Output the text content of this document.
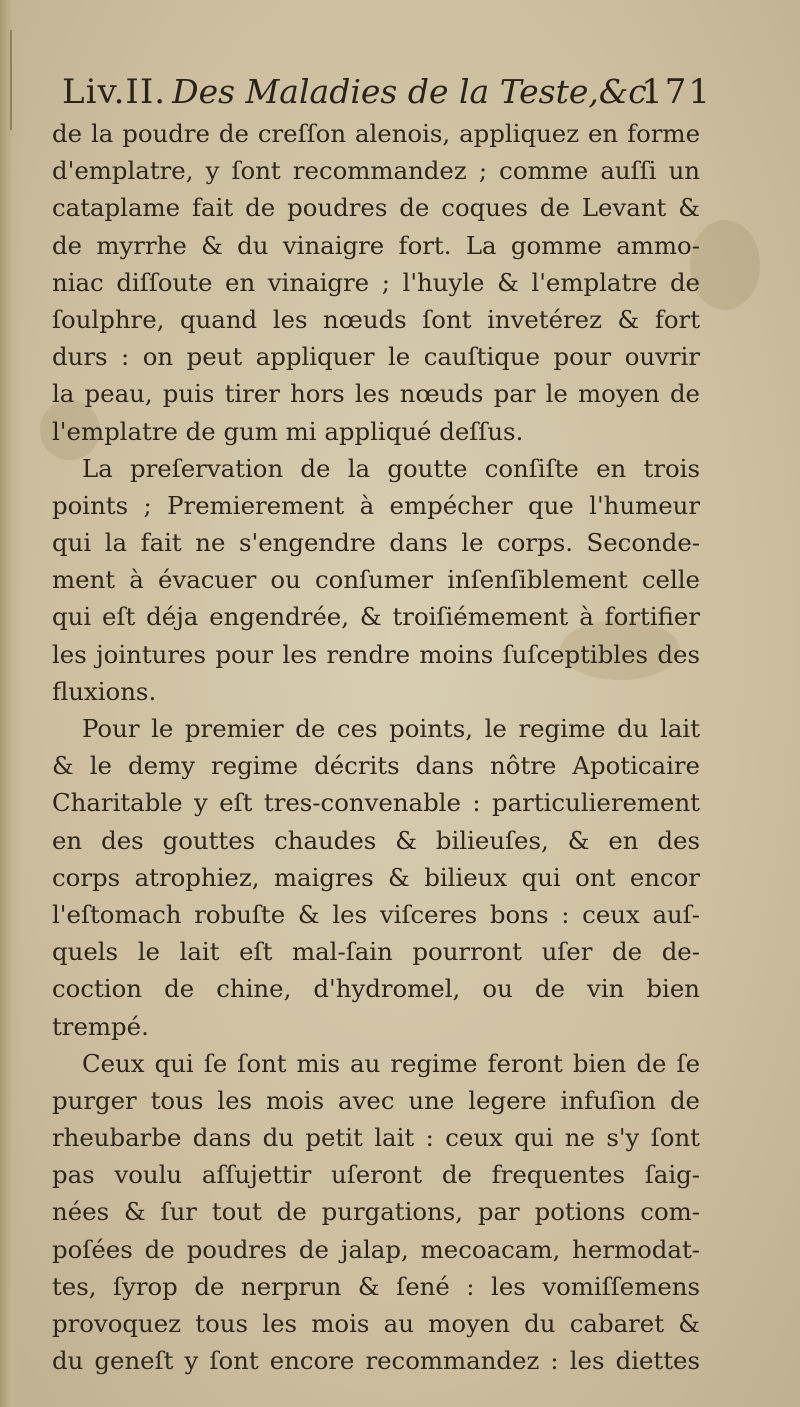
Liv.II. Des Maladies de la Teste,&c.
171
de la poudre de creſſon alenois, appliquez en forme
d'emplatre, y ſont recommandez ; comme auſſi un
cataplame fait de poudres de coques de Levant &
de myrrhe & du vinaigre fort. La gomme ammo-
niac diſſoute en vinaigre ; l'huyle & l'emplatre de
ſoulphre, quand les nœuds ſont invetérez & fort
durs : on peut appliquer le cauſtique pour ouvrir
la peau, puis tirer hors les nœuds par le moyen de
l'emplatre de gum mi appliqué deſſus.
La preſervation de la goutte conſiſte en trois
points ; Premierement à empécher que l'humeur
qui la fait ne s'engendre dans le corps. Seconde-
ment à évacuer ou conſumer inſenſiblement celle
qui eſt déja engendrée, & troiſiémement à fortifier
les jointures pour les rendre moins ſuſceptibles des
fluxions.
Pour le premier de ces points, le regime du lait
& le demy regime décrits dans nôtre Apoticaire
Charitable y eſt tres-convenable : particulierement
en des gouttes chaudes & bilieuſes, & en des
corps atrophiez, maigres & bilieux qui ont encor
l'eſtomach robuſte & les viſceres bons : ceux auſ-
quels le lait eſt mal-ſain pourront uſer de de-
coction de chine, d'hydromel, ou de vin bien
trempé.
Ceux qui ſe ſont mis au regime feront bien de ſe
purger tous les mois avec une legere infuſion de
rheubarbe dans du petit lait : ceux qui ne s'y ſont
pas voulu aſſujettir uſeront de frequentes ſaig-
nées & ſur tout de purgations, par potions com-
poſées de poudres de jalap, mecoacam, hermodat-
tes, ſyrop de nerprun & ſené : les vomiſſemens
provoquez tous les mois au moyen du cabaret &
du geneſt y ſont encore recommandez : les diettes
